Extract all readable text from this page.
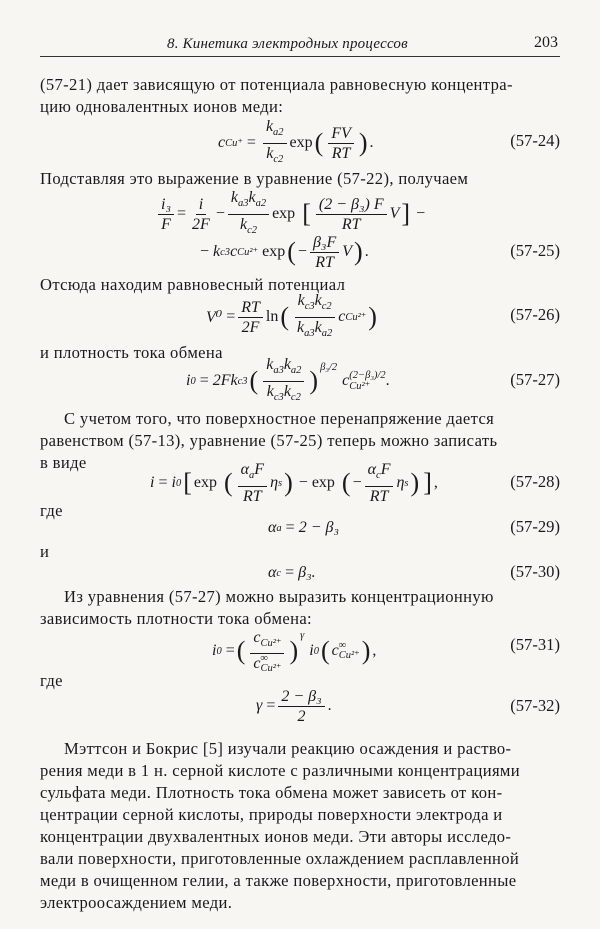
8. Кинетика электродных процессов	203
(57-21) дает зависящую от потенциала равновесную концентра-
цию одновалентных ионов меди:
c $Cu^+ = \frac{k_{a2}}{k_{c2}}$ exp ( $\frac{FV}{RT}$ ) .	(57-24)
Подставляя это выражение в уравнение (57-22), получаем
$\frac{\text{i₃}}{F} = \frac{i}{2F} - \frac{k_{a3}k_{a2}}{k_{c2}}$ exp [ $\frac{\text{(2 − β₃) F}}{RT}$ V ] −
− k c3 c Cu²⁺
exp ( − $\frac{\text{β₃F}}{RT}$ V ) .	(57-25)
Отсюда находим равновесный потенциал
$V^0 = \frac{RT}{2F}$ ln ( $\frac{k_{c3}k_{c2}}{k_{a3}k_{a2}}$ c Cu²⁺ )	(57-26)
и плотность тока обмена
i 0 = 2Fk c3 ( $\frac{k_{a3}k_{a2}}{k_{c3}k_{c2}} )^{\beta_3/2}$
c (2−β₃)/2
Cu²⁺ .	(57-27)
С учетом того, что поверхностное перенапряжение дается
равенством (57-13), уравнение (57-25) теперь можно записать
в виде
i = i 0 [ exp ( $\frac{\alpha_aF}{RT}$ η s ) − exp ( − $\frac{\alpha_cF}{RT}$ η s ) ] ,	(57-28)
где
α a = 2 − β₃	(57-29)
и
α c = β₃.	(57-30)
Из уравнения (57-27) можно выразить концентрационную
зависимость плотности тока обмена:
i 0 = ( $c_{Cu^{2+}}$
c ∞
Cu²⁺ )
$^\gamma$
i 0 ( c ∞
Cu²⁺ ) ,	(57-31)
где
$\gamma = \frac{\text{2 − β₃}}{2}$ .	(57-32)
Мэттсон и Бокрис [5] изучали реакцию осаждения и раство-
рения меди в 1 н. серной кислоте с различными концентрациями
сульфата меди. Плотность тока обмена может зависеть от кон-
центрации серной кислоты, природы поверхности электрода и
концентрации двухвалентных ионов меди. Эти авторы исследо-
вали поверхности, приготовленные охлаждением расплавленной
меди в очищенном гелии, а также поверхности, приготовленные
электроосаждением меди.
